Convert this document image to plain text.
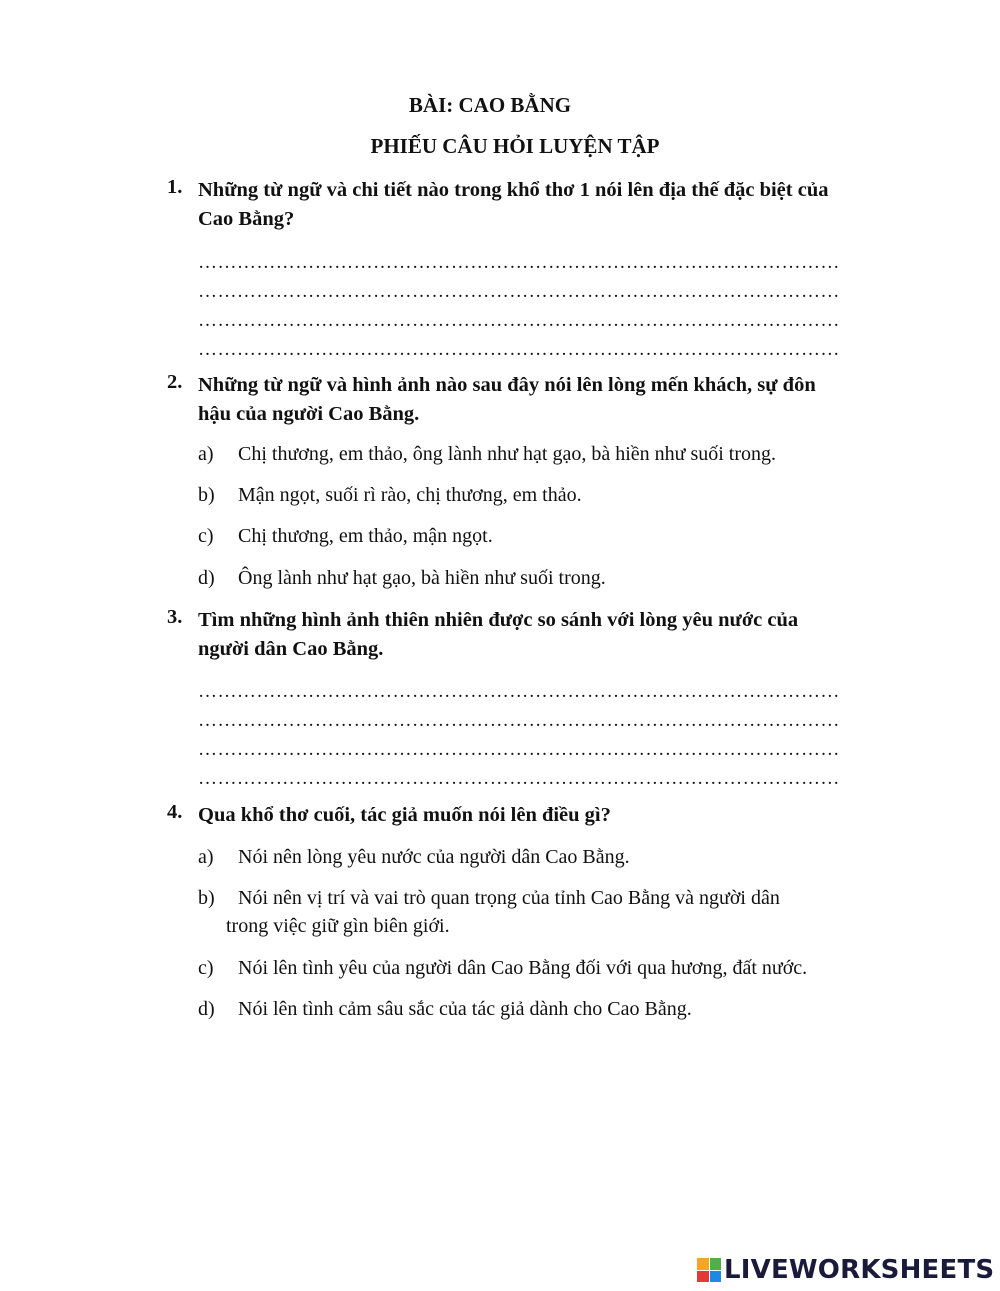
BÀI: CAO BẰNG
PHIẾU CÂU HỎI LUYỆN TẬP
1. Những từ ngữ và chi tiết nào trong khổ thơ 1 nói lên địa thế đặc biệt của
Cao Bằng?
………………………………………………………………………………………
………………………………………………………………………………………
………………………………………………………………………………………
………………………………………………………………………………………
2. Những từ ngữ và hình ảnh nào sau đây nói lên lòng mến khách, sự đôn
hậu của người Cao Bằng.
a) Chị thương, em thảo, ông lành như hạt gạo, bà hiền như suối trong.
b) Mận ngọt, suối rì rào, chị thương, em thảo.
c) Chị thương, em thảo, mận ngọt.
d) Ông lành như hạt gạo, bà hiền như suối trong.
3. Tìm những hình ảnh thiên nhiên được so sánh với lòng yêu nước của
người dân Cao Bằng.
………………………………………………………………………………………
………………………………………………………………………………………
………………………………………………………………………………………
………………………………………………………………………………………
4. Qua khổ thơ cuối, tác giả muốn nói lên điều gì?
a) Nói nên lòng yêu nước của người dân Cao Bằng.
b) Nói nên vị trí và vai trò quan trọng của tỉnh Cao Bằng và người dân
trong việc giữ gìn biên giới.
c) Nói lên tình yêu của người dân Cao Bằng đối với qua hương, đất nước.
d) Nói lên tình cảm sâu sắc của tác giả dành cho Cao Bằng.
LIVEWORKSHEETS
